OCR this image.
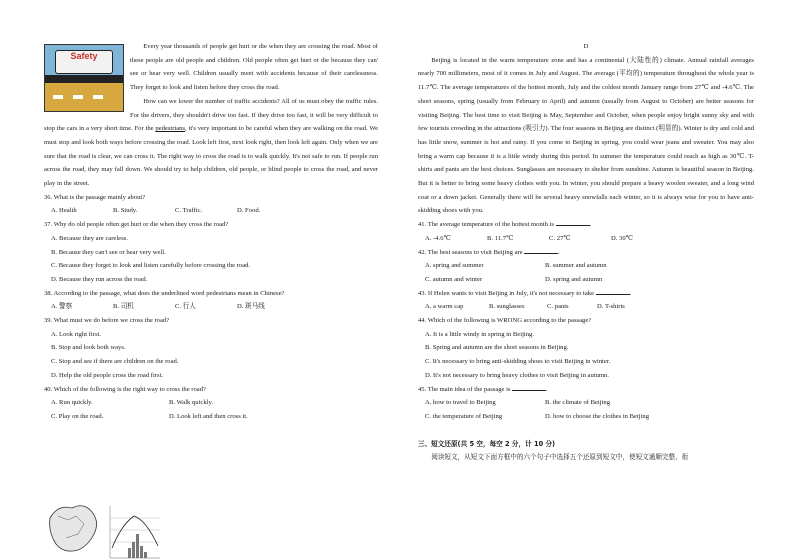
Safety

Every year thousands of people get hurt or die when they are crossing the road. Most of these people are old people and children. Old people often get hurt or die because they can' see or hear very well. Children usually meet with accidents because of their carelessness. They forget to look and listen before they cross the road.

How can we lower the number of traffic accidents? All of us must obey the traffic rules. For the drivers, they shouldn't drive too fast. If they drive too fast, it will be very difficult to stop the cars in a very short time. For the pedestrians, it's very important to be careful when they are walking on the road. We must stop and look both ways before crossing the road. Look left first, next look right, then look left again. Only when we are sure that the road is clear, we can cross it. The right way to cross the road is to walk quickly. It's not safe to run. If people run across the road, they may fall down. We should try to help children, old people, or blind people to cross the road, and never play in the street.

36. What is the passage mainly about?

A. Health	B. Study.	C. Traffic.	D. Food.

37. Why do old people often get hurt or die when they cross the road?

A. Because they are careless.

B. Because they can't see or hear very well.

C. Because they forget to look and listen carefully before crossing the road.

D. Because they run across the road.

38. According to the passage, what does the underlined word pedestrians mean in Chinese?

A. 警察	B. 司机	C. 行人	D. 斑马线

39. What must we do before we cross the road?

A. Look right first.

B. Stop and look both ways.

C. Stop and see if there are children on the road.

D. Help the old people cross the road first.

40. Which of the following is the right way to cross the road?

A. Run quickly.	B. Walk quickly.
C. Play on the road.	D. Look left and then cross it.

D

Beijing is located in the warm temperature zone and has a continental (大陆性的) climate. Annual rainfall averages nearly 700 millimeters, most of it comes in July and August. The average (平均的) temperature throughout the whole year is 11.7℃. The average temperatures of the hottest month, July and the coldest month January range from 27℃ and -4.6℃. The short seasons, spring (usually from February to April) and autumn (usually from August to October) are better seasons for visiting Beijing. The best time to visit Beijing is May, September and October, when people enjoy bright sunny sky and with few tourists crowding in the attractions (吸引力). The four seasons in Beijing are distinct (明显的). Winter is dry and cold and has little snow, summer is hot and rainy. If you come to Beijing in spring, you could wear jeans and sweater. You may also bring a warm cap because it is a little windy during this period. In summer the temperature could reach as high as 30℃. T-shirts and pants are the best choices. Sunglasses are necessary to shelter from sunshine. Autumn is beautiful season in Beijing. But it is better to bring some heavy clothes with you. In winter, you should prepare a heavy woolen sweater, and a long wind coat or a down jacket. Generally there will be several heavy snowfalls each winter, so it is always wise for you to have anti-skidding shoes with you.

41. The average temperature of the hottest month is	.

A. -4.6℃	B. 11.7℃	C. 27℃	D. 30℃

42. The best seasons to visit Beijing are	.

A. spring and summer	B. summer and autumn
C. autumn and winter	D. spring and autumn

43. If Helen wants to visit Beijing in July, it's not necessary to take	.

A. a warm cap	B. sunglasses	C. pants	D. T-shirts

44. Which of the following is WRONG according to the passage?

A. It is a little windy in spring in Beijing.

B. Spring and autumn are the short seasons in Beijing.

C. It's necessary to bring anti-skidding shoes to visit Beijing in winter.

D. It's not necessary to bring heavy clothes to visit Beijing in autumn.

45. The main idea of the passage is	.

A. how to travel to Beijing	B. the climate of Beijing
C. the temperature of Beijing	D. how to choose the clothes in Beijing

三、短文还原(共 5 空，每空 2 分，计 10 分)

阅读短文，从短文下面方框中的六个句子中选择五个还原到短文中，使短文通顺完整、衔
